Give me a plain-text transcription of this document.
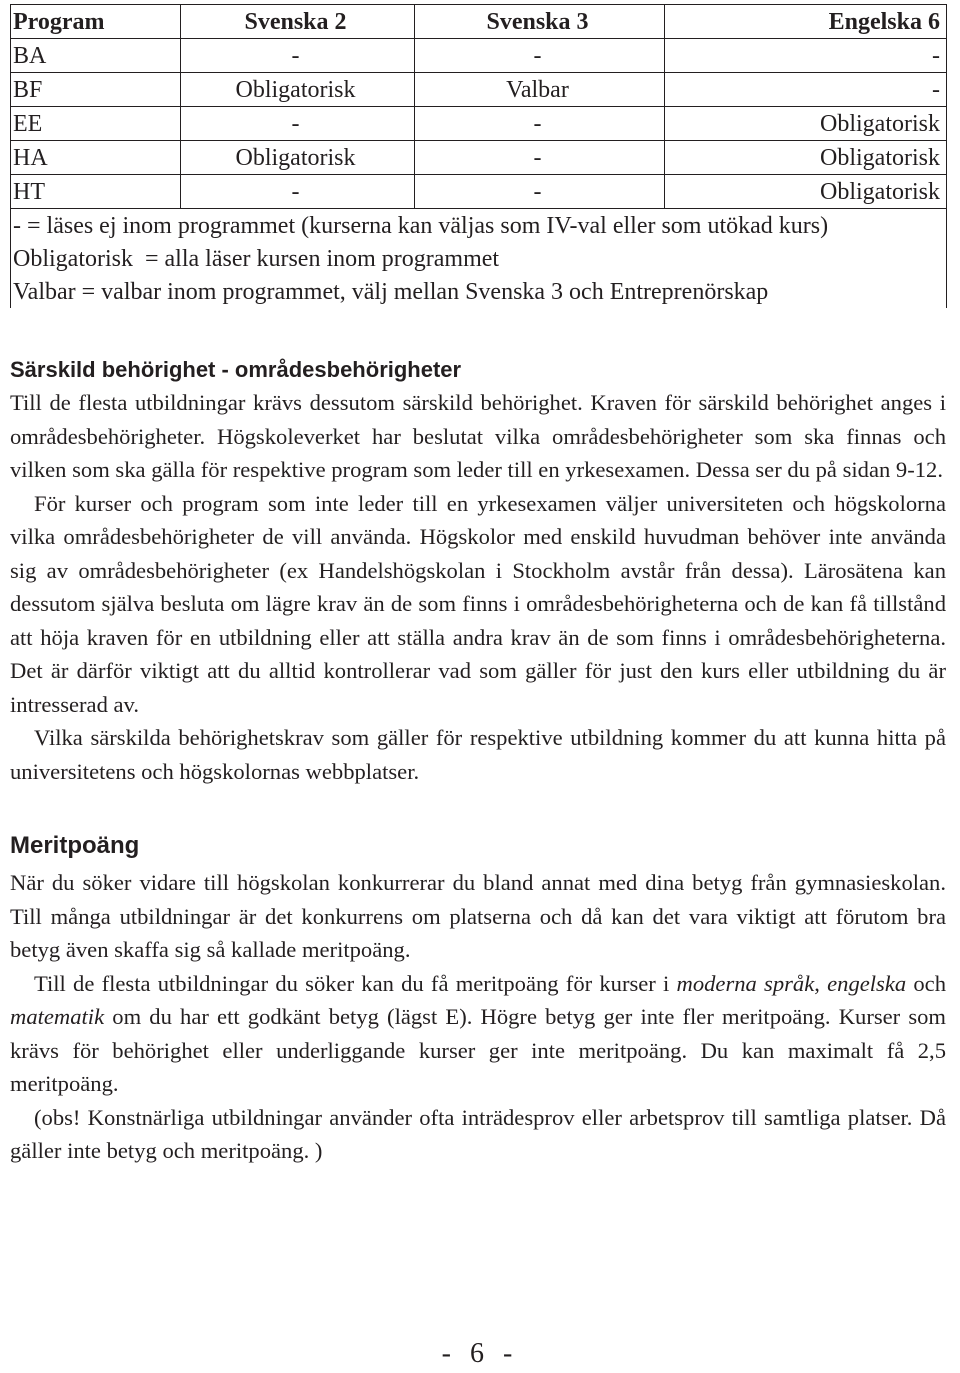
Program	Svenska 2	Svenska 3	Engelska 6
BA	-	-	-
BF	Obligatorisk	Valbar	-
EE	-	-	Obligatorisk
HA	Obligatorisk	-	Obligatorisk
HT	-	-	Obligatorisk
- = läses ej inom programmet (kurserna kan väljas som IV-val eller som utökad kurs)			
Obligatorisk  = alla läser kursen inom programmet			
Valbar = valbar inom programmet, välj mellan Svenska 3 och Entreprenörskap			
Särskild behörighet - områdesbehörigheter

Till de flesta utbildningar krävs dessutom särskild behörighet. Kraven för särskild behörighet anges i områdesbehörigheter. Högskoleverket har beslutat vilka områdesbehörigheter som ska finnas och vilken som ska gälla för respektive program som leder till en yrkesexamen. Dessa ser du på sidan 9-12.

För kurser och program som inte leder till en yrkesexamen väljer universiteten och högskolorna vilka områdesbehörigheter de vill använda. Högskolor med enskild huvudman behöver inte använda sig av områdesbehörigheter (ex Handelshögskolan i Stockholm avstår från dessa). Lärosätena kan dessutom själva besluta om lägre krav än de som finns i områdesbehörigheterna och de kan få tillstånd att höja kraven för en utbildning eller att ställa andra krav än de som finns i områdesbehörigheterna. Det är därför viktigt att du alltid kontrollerar vad som gäller för just den kurs eller utbildning du är intresserad av.

Vilka särskilda behörighetskrav som gäller för respektive utbildning kommer du att kunna hitta på universitetens och högskolornas webbplatser.

Meritpoäng

När du söker vidare till högskolan konkurrerar du bland annat med dina betyg från gymnasieskolan. Till många utbildningar är det konkurrens om platserna och då kan det vara viktigt att förutom bra betyg även skaffa sig så kallade meritpoäng.

Till de flesta utbildningar du söker kan du få meritpoäng för kurser i moderna språk, engelska och matematik om du har ett godkänt betyg (lägst E). Högre betyg ger inte fler meritpoäng. Kurser som krävs för behörighet eller underliggande kurser ger inte meritpoäng. Du kan maximalt få 2,5 meritpoäng.

(obs! Konstnärliga utbildningar använder ofta inträdesprov eller arbetsprov till samtliga platser. Då gäller inte betyg och meritpoäng. )

- 6 -
